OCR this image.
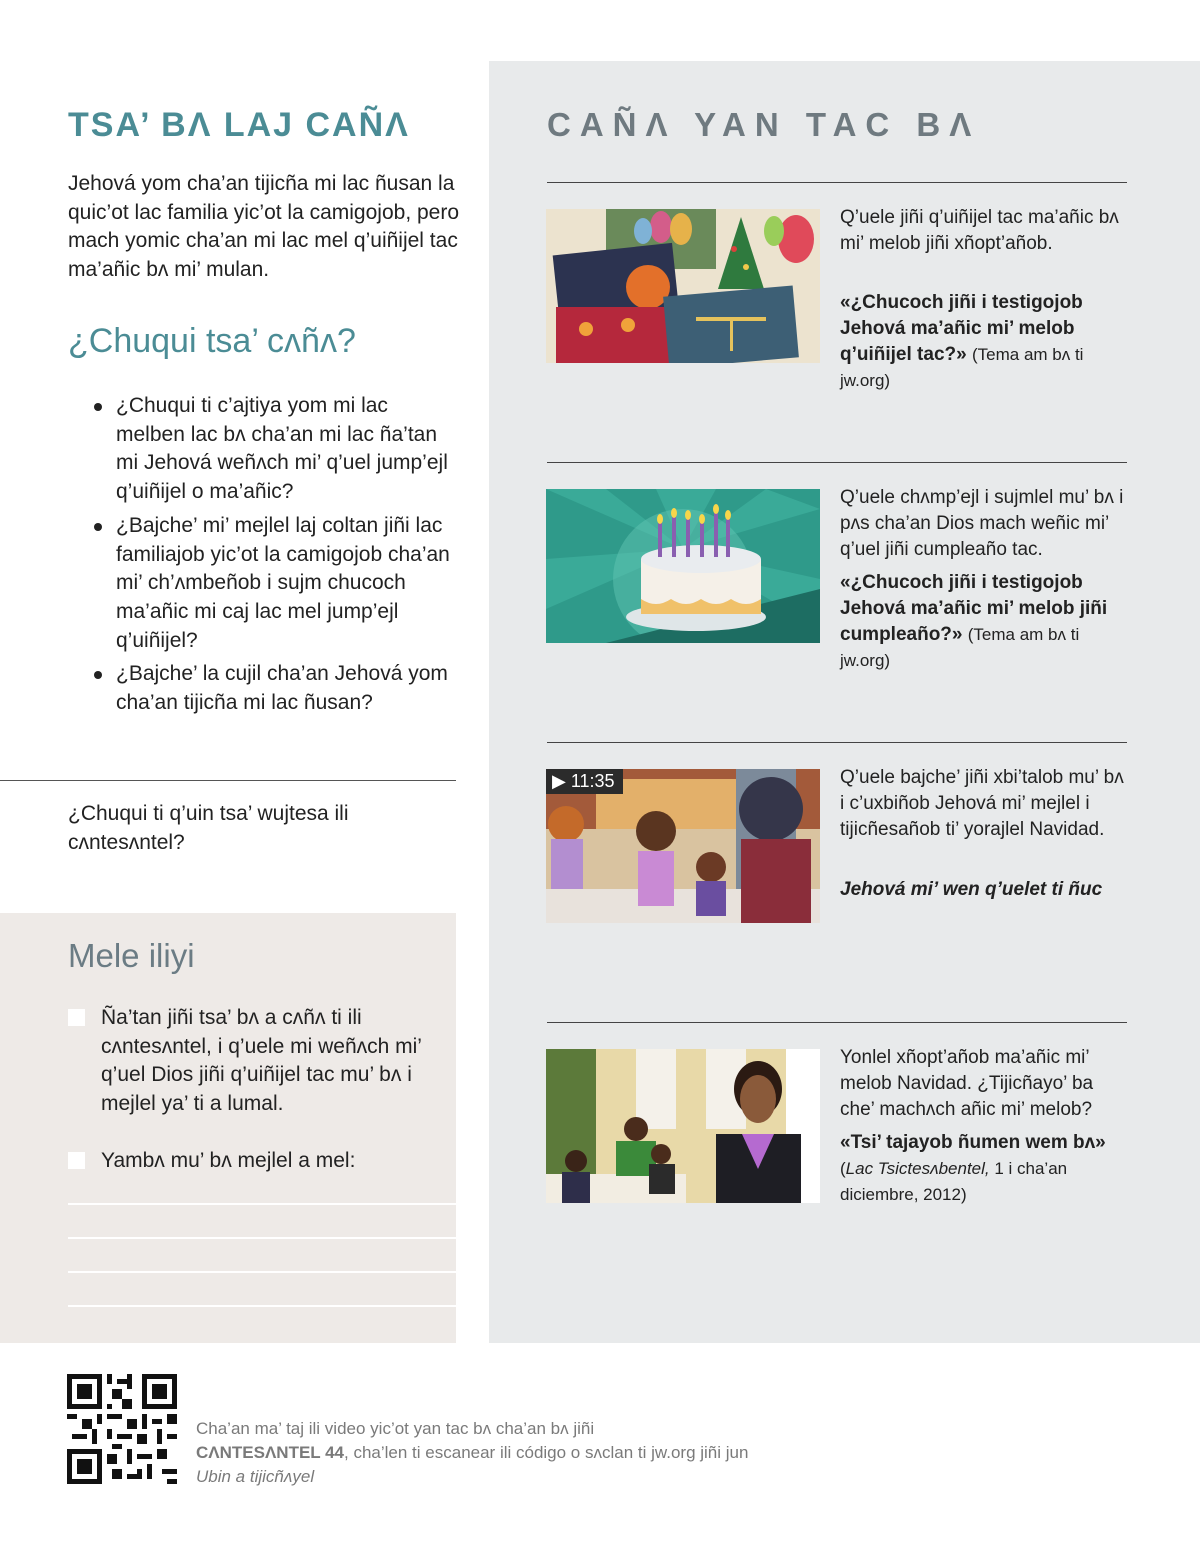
TSA’ BɅ LAJ CAÑɅ

Jehová yom cha’an tijicña mi lac ñusan la quic’ot lac familia yic’ot la camigojob, pero mach yomic cha’an mi lac mel q’uiñijel tac ma’añic bʌ mi’ mulan.

¿Chuqui tsa’ cʌñʌ?
¿Chuqui ti c’ajtiya yom mi lac melben lac bʌ cha’an mi lac ña’tan mi Jehová weñʌch mi’ q’uel jump’ejl q’uiñijel o ma’añic?
¿Bajche’ mi’ mejlel laj coltan jiñi lac familiajob yic’ot la camigojob cha’an mi’ ch’ʌmbeñob i sujm chucoch ma’añic mi caj lac mel jump’ejl q’uiñijel?
¿Bajche’ la cujil cha’an Jehová yom cha’an tijicña mi lac ñusan?

¿Chuqui ti q’uin tsa’ wujtesa ili cʌntesʌntel?

Mele iliyi
Ña’tan jiñi tsa’ bʌ a cʌñʌ ti ili cʌntesʌntel, i q’uele mi weñʌch mi’ q’uel Dios jiñi q’uiñijel tac mu’ bʌ i mejlel ya’ ti a lumal.
Yambʌ mu’ bʌ mejlel a mel:
CAÑɅ YAN TAC BɅ

Q’uele jiñi q’uiñijel tac ma’añic bʌ mi’ melob jiñi xñopt’añob.

«¿Chucoch jiñi i testigojob Jehová ma’añic mi’ melob q’uiñijel tac?» (Tema am bʌ ti jw.org)

Q’uele chʌmp’ejl i sujmlel mu’ bʌ i pʌs cha’an Dios mach weñic mi’ q’uel jiñi cumpleaño tac.

«¿Chucoch jiñi i testigojob Jehová ma’añic mi’ melob jiñi cumpleaño?» (Tema am bʌ ti jw.org)

▶ 11:35	Q’uele bajche’ jiñi xbi’talob mu’ bʌ i c’uxbiñob Jehová mi’ mejlel i tijicñesañob ti’ yorajlel Navidad.

Jehová mi’ wen q’uelet ti ñuc

Yonlel xñopt’añob ma’añic mi’ melob Navidad. ¿Tijicñayo’ ba che’ machʌch añic mi’ melob?

«Tsi’ tajayob ñumen wem bʌ»
(Lac Tsictesʌbentel, 1 i cha’an diciembre, 2012)

Cha’an ma’ taj ili video yic’ot yan tac bʌ cha’an bʌ jiñi
CɅNTESɅNTEL 44, cha’len ti escanear ili código o sʌclan ti jw.org jiñi jun Ubin a tijicñʌyel
